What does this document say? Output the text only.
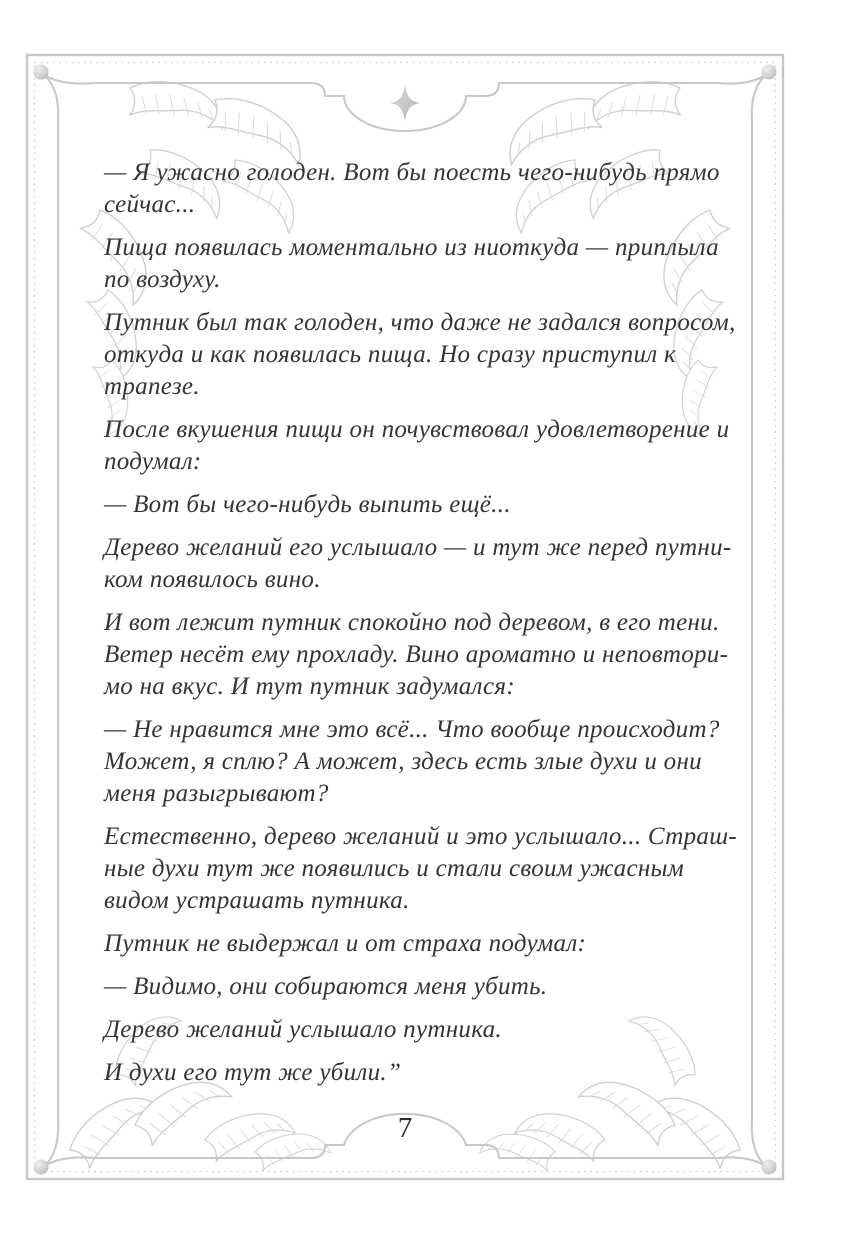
— Я ужасно голоден. Вот бы поесть чего-нибудь прямо
сейчас...
Пища появилась моментально из ниоткуда — приплыла
по воздуху.
Путник был так голоден, что даже не задался вопросом,
откуда и как появилась пища. Но сразу приступил к
трапезе.
После вкушения пищи он почувствовал удовлетворение и
подумал:
— Вот бы чего-нибудь выпить ещё...
Дерево желаний его услышало — и тут же перед путни-
ком появилось вино.
И вот лежит путник спокойно под деревом, в его тени.
Ветер несёт ему прохладу. Вино ароматно и неповтори-
мо на вкус. И тут путник задумался:
— Не нравится мне это всё... Что вообще происходит?
Может, я сплю? А может, здесь есть злые духи и они
меня разыгрывают?
Естественно, дерево желаний и это услышало... Страш-
ные духи тут же появились и стали своим ужасным
видом устрашать путника.
Путник не выдержал и от страха подумал:
— Видимо, они собираются меня убить.
Дерево желаний услышало путника.
И духи его тут же убили.”
7
